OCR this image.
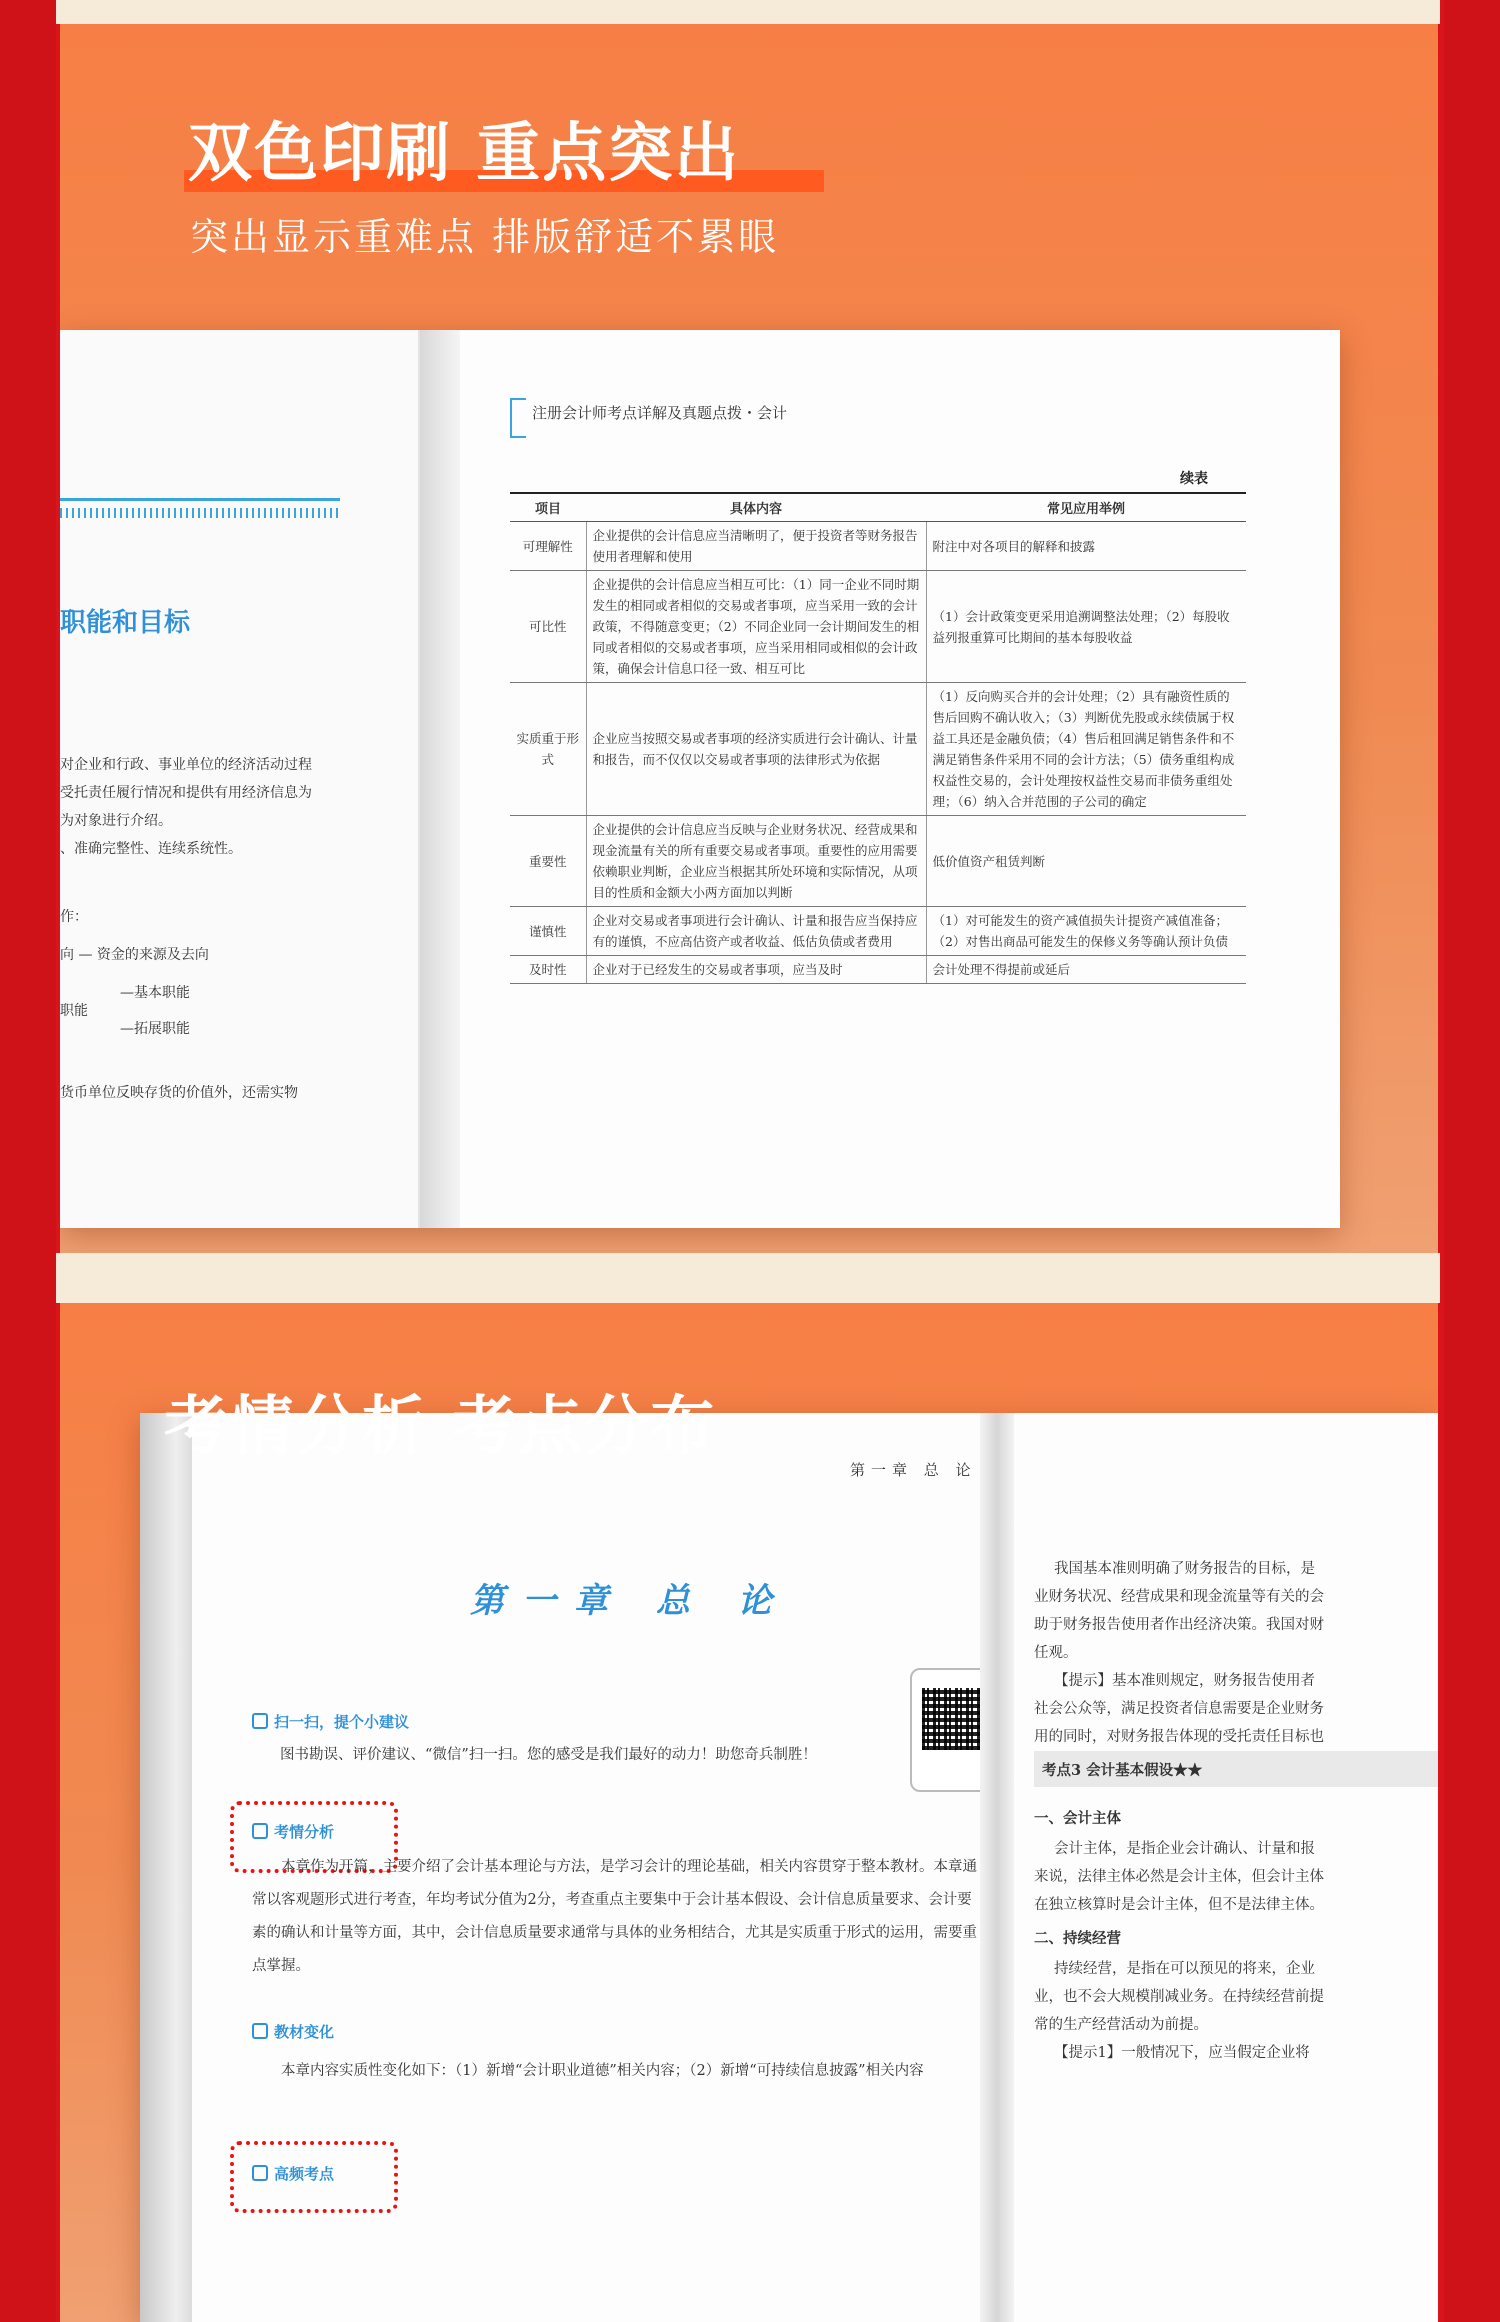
双色印刷 重点突出
突出显示重难点 排版舒适不累眼
职能和目标
对企业和行政、事业单位的经济活动过程
受托责任履行情况和提供有用经济信息为
为对象进行介绍。
、准确完整性、连续系统性。
作：
向 — 资金的来源及去向
—基本职能
职能
—拓展职能
货币单位反映存货的价值外，还需实物
注册会计师考点详解及真题点拨・会计
续表
项目	具体内容	常见应用举例
可理解性	企业提供的会计信息应当清晰明了，便于投资者等财务报告使用者理解和使用	附注中对各项目的解释和披露
可比性	企业提供的会计信息应当相互可比：（1）同一企业不同时期发生的相同或者相似的交易或者事项，应当采用一致的会计政策，不得随意变更；（2）不同企业同一会计期间发生的相同或者相似的交易或者事项，应当采用相同或相似的会计政策，确保会计信息口径一致、相互可比	（1）会计政策变更采用追溯调整法处理；（2）每股收益列报重算可比期间的基本每股收益
实质重于形式	企业应当按照交易或者事项的经济实质进行会计确认、计量和报告，而不仅仅以交易或者事项的法律形式为依据	（1）反向购买合并的会计处理；（2）具有融资性质的售后回购不确认收入；（3）判断优先股或永续债属于权益工具还是金融负债；（4）售后租回满足销售条件和不满足销售条件采用不同的会计方法；（5）债务重组构成权益性交易的，会计处理按权益性交易而非债务重组处理；（6）纳入合并范围的子公司的确定
重要性	企业提供的会计信息应当反映与企业财务状况、经营成果和现金流量有关的所有重要交易或者事项。重要性的应用需要依赖职业判断，企业应当根据其所处环境和实际情况，从项目的性质和金额大小两方面加以判断	低价值资产租赁判断
谨慎性	企业对交易或者事项进行会计确认、计量和报告应当保持应有的谨慎，不应高估资产或者收益、低估负债或者费用	（1）对可能发生的资产减值损失计提资产减值准备；（2）对售出商品可能发生的保修义务等确认预计负债
及时性	企业对于已经发生的交易或者事项，应当及时	会计处理不得提前或延后
考情分析 考点分布
第一章 总 论
第一章 总 论
扫一扫，提个小建议
图书勘误、评价建议、“微信”扫一扫。您的感受是我们最好的动力！助您奇兵制胜！
考情分析
本章作为开篇，主要介绍了会计基本理论与方法，是学习会计的理论基础，相关内容贯穿于整本教材。本章通常以客观题形式进行考查，年均考试分值为2分，考查重点主要集中于会计基本假设、会计信息质量要求、会计要素的确认和计量等方面，其中，会计信息质量要求通常与具体的业务相结合，尤其是实质重于形式的运用，需要重点掌握。
教材变化
本章内容实质性变化如下：（1）新增“会计职业道德”相关内容；（2）新增“可持续信息披露”相关内容
高频考点
我国基本准则明确了财务报告的目标，是
业财务状况、经营成果和现金流量等有关的会
助于财务报告使用者作出经济决策。我国对财
任观。
【提示】基本准则规定，财务报告使用者
社会公众等，满足投资者信息需要是企业财务
用的同时，对财务报告体现的受托责任目标也
考点3 会计基本假设★★
一、会计主体
会计主体，是指企业会计确认、计量和报
来说，法律主体必然是会计主体，但会计主体
在独立核算时是会计主体，但不是法律主体。
二、持续经营
持续经营，是指在可以预见的将来，企业
业，也不会大规模削减业务。在持续经营前提
常的生产经营活动为前提。
【提示1】一般情况下，应当假定企业将
